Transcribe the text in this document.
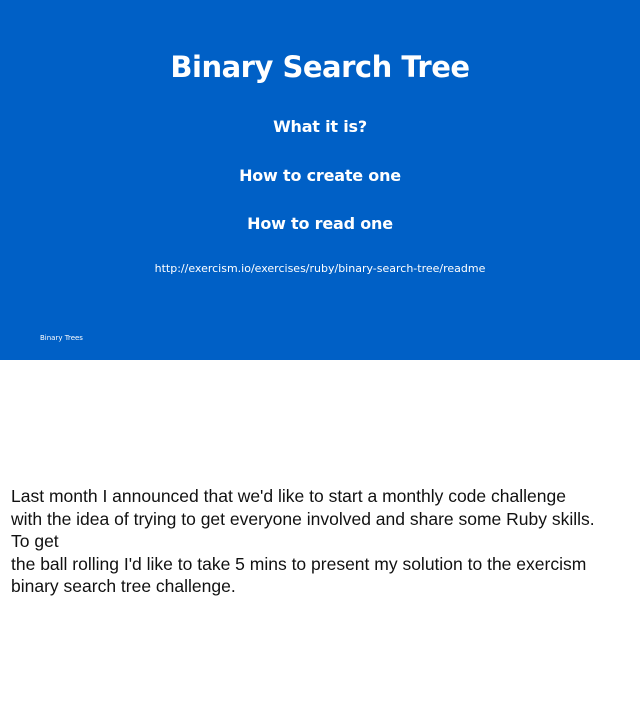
Binary Search Tree
What it is?
How to create one
How to read one
http://exercism.io/exercises/ruby/binary-search-tree/readme
Binary Trees
Last month I announced that we'd like to start a monthly code challenge
with the idea of trying to get everyone involved and share some Ruby skills.
To get
the ball rolling I'd like to take 5 mins to present my solution to the exercism
binary search tree challenge.
